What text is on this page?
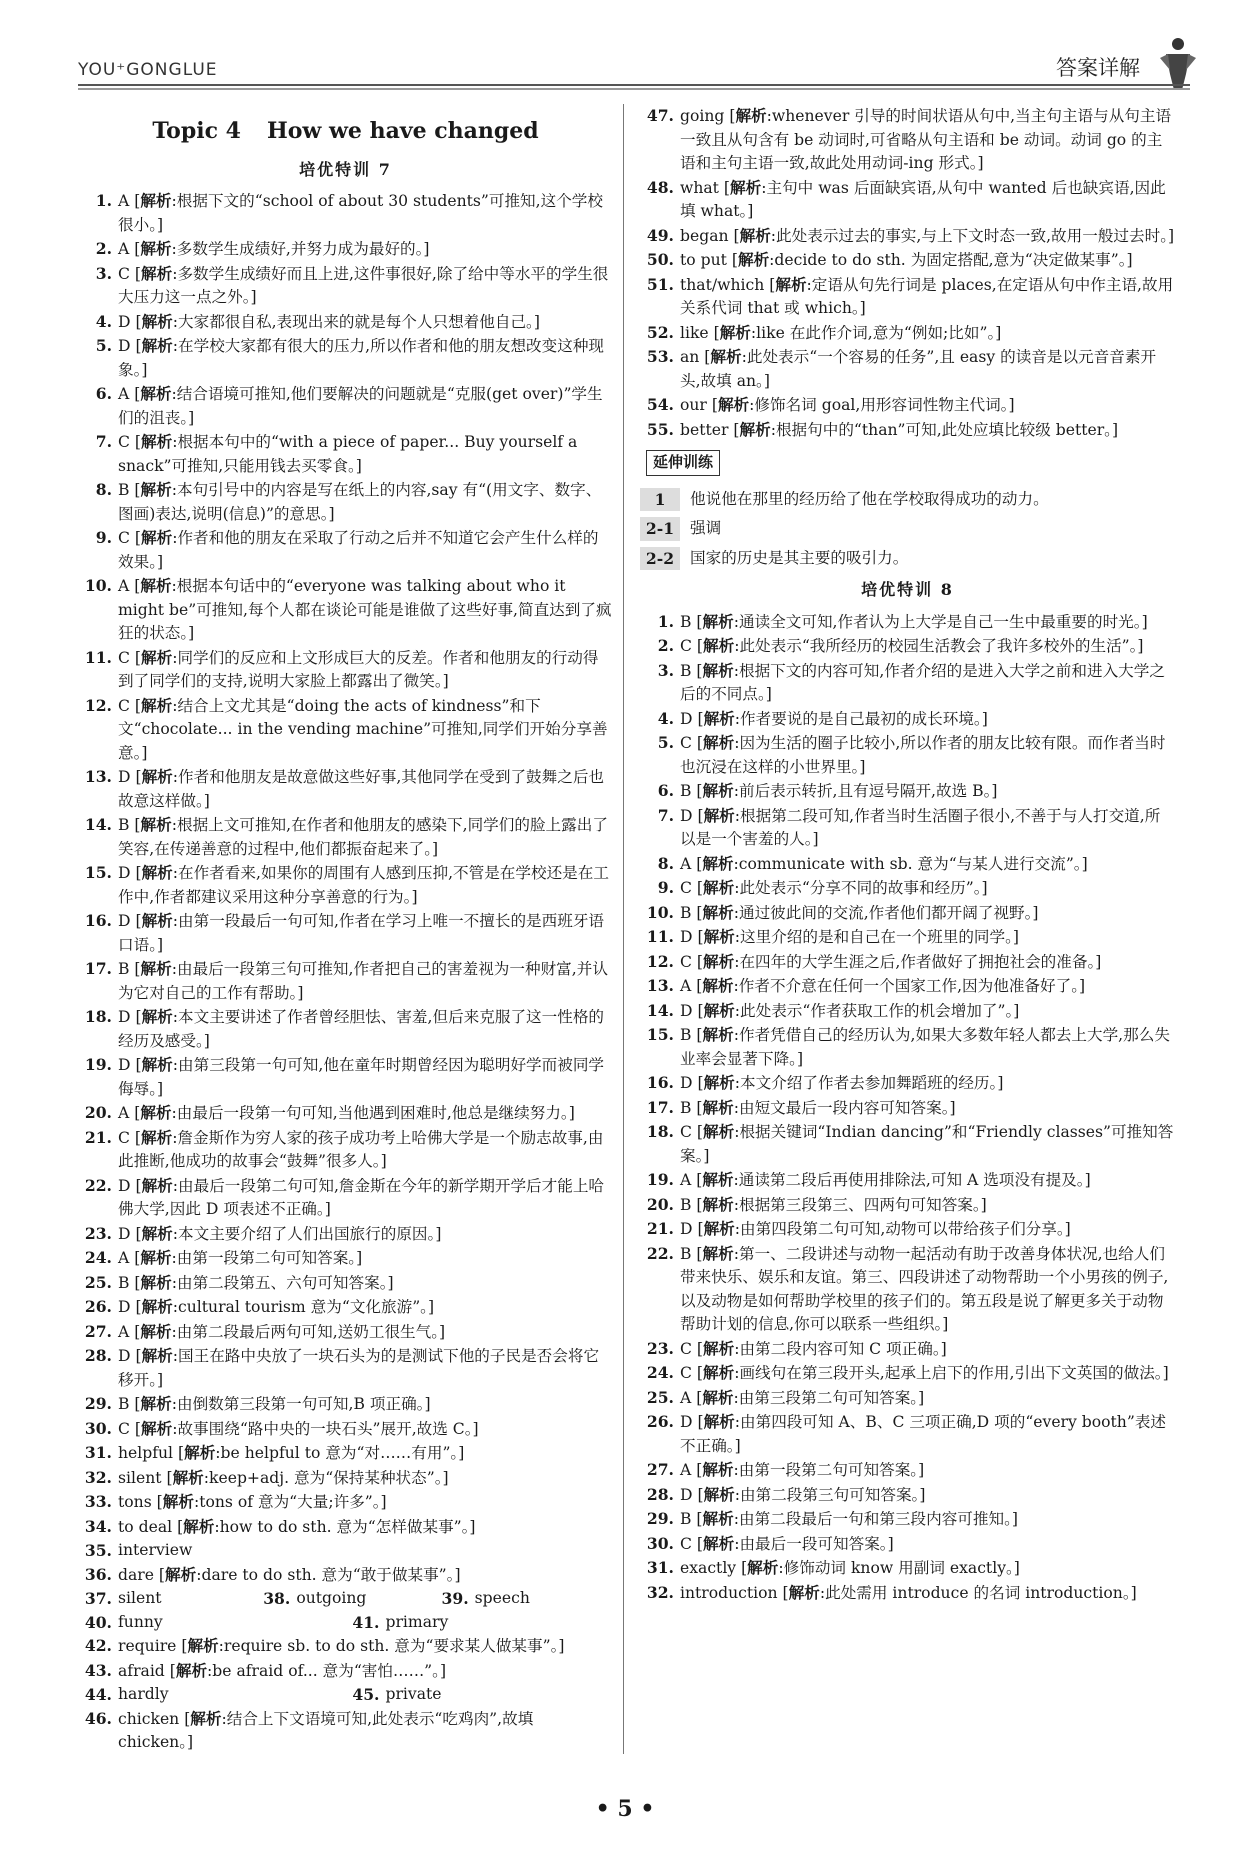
YOU⁺GONGLUE	答案详解
Topic 4 How we have changed
培优特训 7
1. A [解析:根据下文的“school of about 30 students”可推知,这个学校很小。]
2. A [解析:多数学生成绩好,并努力成为最好的。]
3. C [解析:多数学生成绩好而且上进,这件事很好,除了给中等水平的学生很大压力这一点之外。]
4. D [解析:大家都很自私,表现出来的就是每个人只想着他自己。]
5. D [解析:在学校大家都有很大的压力,所以作者和他的朋友想改变这种现象。]
6. A [解析:结合语境可推知,他们要解决的问题就是“克服(get over)”学生们的沮丧。]
7. C [解析:根据本句中的“with a piece of paper... Buy yourself a snack”可推知,只能用钱去买零食。]
8. B [解析:本句引号中的内容是写在纸上的内容,say 有“(用文字、数字、图画)表达,说明(信息)”的意思。]
9. C [解析:作者和他的朋友在采取了行动之后并不知道它会产生什么样的效果。]
10. A [解析:根据本句话中的“everyone was talking about who it might be”可推知,每个人都在谈论可能是谁做了这些好事,简直达到了疯狂的状态。]
11. C [解析:同学们的反应和上文形成巨大的反差。作者和他朋友的行动得到了同学们的支持,说明大家脸上都露出了微笑。]
12. C [解析:结合上文尤其是“doing the acts of kindness”和下文“chocolate... in the vending machine”可推知,同学们开始分享善意。]
13. D [解析:作者和他朋友是故意做这些好事,其他同学在受到了鼓舞之后也故意这样做。]
14. B [解析:根据上文可推知,在作者和他朋友的感染下,同学们的脸上露出了笑容,在传递善意的过程中,他们都振奋起来了。]
15. D [解析:在作者看来,如果你的周围有人感到压抑,不管是在学校还是在工作中,作者都建议采用这种分享善意的行为。]
16. D [解析:由第一段最后一句可知,作者在学习上唯一不擅长的是西班牙语口语。]
17. B [解析:由最后一段第三句可推知,作者把自己的害羞视为一种财富,并认为它对自己的工作有帮助。]
18. D [解析:本文主要讲述了作者曾经胆怯、害羞,但后来克服了这一性格的经历及感受。]
19. D [解析:由第三段第一句可知,他在童年时期曾经因为聪明好学而被同学侮辱。]
20. A [解析:由最后一段第一句可知,当他遇到困难时,他总是继续努力。]
21. C [解析:詹金斯作为穷人家的孩子成功考上哈佛大学是一个励志故事,由此推断,他成功的故事会“鼓舞”很多人。]
22. D [解析:由最后一段第二句可知,詹金斯在今年的新学期开学后才能上哈佛大学,因此 D 项表述不正确。]
23. D [解析:本文主要介绍了人们出国旅行的原因。]
24. A [解析:由第一段第二句可知答案。]
25. B [解析:由第二段第五、六句可知答案。]
26. D [解析:cultural tourism 意为“文化旅游”。]
27. A [解析:由第二段最后两句可知,送奶工很生气。]
28. D [解析:国王在路中央放了一块石头为的是测试下他的子民是否会将它移开。]
29. B [解析:由倒数第三段第一句可知,B 项正确。]
30. C [解析:故事围绕“路中央的一块石头”展开,故选 C。]
31. helpful [解析:be helpful to 意为“对……有用”。]
32. silent [解析:keep+adj. 意为“保持某种状态”。]
33. tons [解析:tons of 意为“大量;许多”。]
34. to deal [解析:how to do sth. 意为“怎样做某事”。]
35. interview
36. dare [解析:dare to do sth. 意为“敢于做某事”。]
37. silent	38. outgoing	39. speech
40. funny	41. primary
42. require [解析:require sb. to do sth. 意为“要求某人做某事”。]
43. afraid [解析:be afraid of... 意为“害怕……”。]
44. hardly	45. private
46. chicken [解析:结合上下文语境可知,此处表示“吃鸡肉”,故填 chicken。]
47. going [解析:whenever 引导的时间状语从句中,当主句主语与从句主语一致且从句含有 be 动词时,可省略从句主语和 be 动词。动词 go 的主语和主句主语一致,故此处用动词-ing 形式。]
48. what [解析:主句中 was 后面缺宾语,从句中 wanted 后也缺宾语,因此填 what。]
49. began [解析:此处表示过去的事实,与上下文时态一致,故用一般过去时。]
50. to put [解析:decide to do sth. 为固定搭配,意为“决定做某事”。]
51. that/which [解析:定语从句先行词是 places,在定语从句中作主语,故用关系代词 that 或 which。]
52. like [解析:like 在此作介词,意为“例如;比如”。]
53. an [解析:此处表示“一个容易的任务”,且 easy 的读音是以元音音素开头,故填 an。]
54. our [解析:修饰名词 goal,用形容词性物主代词。]
55. better [解析:根据句中的“than”可知,此处应填比较级 better。]
延伸训练
1	他说他在那里的经历给了他在学校取得成功的动力。
2-1	强调
2-2	国家的历史是其主要的吸引力。
培优特训 8
1. B [解析:通读全文可知,作者认为上大学是自己一生中最重要的时光。]
2. C [解析:此处表示“我所经历的校园生活教会了我许多校外的生活”。]
3. B [解析:根据下文的内容可知,作者介绍的是进入大学之前和进入大学之后的不同点。]
4. D [解析:作者要说的是自己最初的成长环境。]
5. C [解析:因为生活的圈子比较小,所以作者的朋友比较有限。而作者当时也沉浸在这样的小世界里。]
6. B [解析:前后表示转折,且有逗号隔开,故选 B。]
7. D [解析:根据第二段可知,作者当时生活圈子很小,不善于与人打交道,所以是一个害羞的人。]
8. A [解析:communicate with sb. 意为“与某人进行交流”。]
9. C [解析:此处表示“分享不同的故事和经历”。]
10. B [解析:通过彼此间的交流,作者他们都开阔了视野。]
11. D [解析:这里介绍的是和自己在一个班里的同学。]
12. C [解析:在四年的大学生涯之后,作者做好了拥抱社会的准备。]
13. A [解析:作者不介意在任何一个国家工作,因为他准备好了。]
14. D [解析:此处表示“作者获取工作的机会增加了”。]
15. B [解析:作者凭借自己的经历认为,如果大多数年轻人都去上大学,那么失业率会显著下降。]
16. D [解析:本文介绍了作者去参加舞蹈班的经历。]
17. B [解析:由短文最后一段内容可知答案。]
18. C [解析:根据关键词“Indian dancing”和“Friendly classes”可推知答案。]
19. A [解析:通读第二段后再使用排除法,可知 A 选项没有提及。]
20. B [解析:根据第三段第三、四两句可知答案。]
21. D [解析:由第四段第二句可知,动物可以带给孩子们分享。]
22. B [解析:第一、二段讲述与动物一起活动有助于改善身体状况,也给人们带来快乐、娱乐和友谊。第三、四段讲述了动物帮助一个小男孩的例子,以及动物是如何帮助学校里的孩子们的。第五段是说了解更多关于动物帮助计划的信息,你可以联系一些组织。]
23. C [解析:由第二段内容可知 C 项正确。]
24. C [解析:画线句在第三段开头,起承上启下的作用,引出下文英国的做法。]
25. A [解析:由第三段第二句可知答案。]
26. D [解析:由第四段可知 A、B、C 三项正确,D 项的“every booth”表述不正确。]
27. A [解析:由第一段第二句可知答案。]
28. D [解析:由第二段第三句可知答案。]
29. B [解析:由第二段最后一句和第三段内容可推知。]
30. C [解析:由最后一段可知答案。]
31. exactly [解析:修饰动词 know 用副词 exactly。]
32. introduction [解析:此处需用 introduce 的名词 introduction。]
• 5 •
